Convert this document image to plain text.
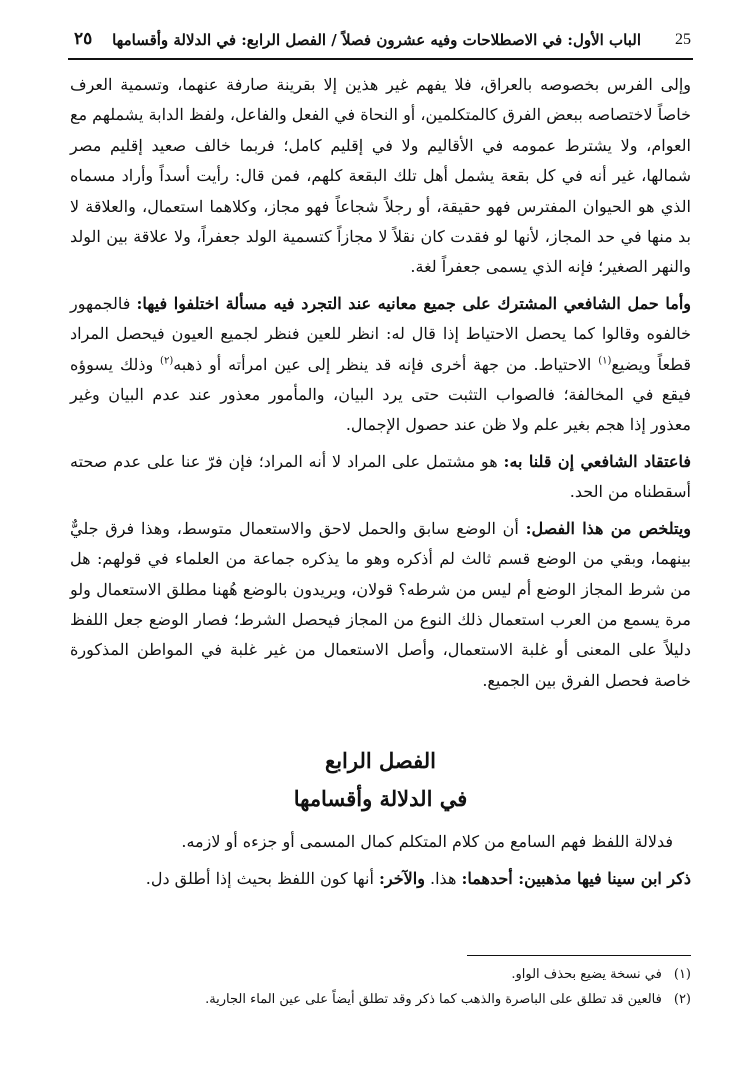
٢٥ الباب الأول: في الاصطلاحات وفيه عشرون فصلاً / الفصل الرابع: في الدلالة وأقسامها 25

وإلى الفرس بخصوصه بالعراق، فلا يفهم غير هذين إلا بقرينة صارفة عنهما، وتسمية العرف خاصاً لاختصاصه ببعض الفرق كالمتكلمين، أو النحاة في الفعل والفاعل، ولفظ الدابة يشملهم مع العوام، ولا يشترط عمومه في الأقاليم ولا في إقليم كامل؛ فربما خالف صعيد إقليم مصر شمالها، غير أنه في كل بقعة يشمل أهل تلك البقعة كلهم، فمن قال: رأيت أسداً وأراد مسماه الذي هو الحيوان المفترس فهو حقيقة، أو رجلاً شجاعاً فهو مجاز، وكلاهما استعمال، والعلاقة لا بد منها في حد المجاز، لأنها لو فقدت كان نقلاً لا مجازاً كتسمية الولد جعفراً، ولا علاقة بين الولد والنهر الصغير؛ فإنه الذي يسمى جعفراً لغة.

وأما حمل الشافعي المشترك على جميع معانيه عند التجرد فيه مسألة اختلفوا فيها: فالجمهور خالفوه وقالوا كما يحصل الاحتياط إذا قال له: انظر للعين فنظر لجميع العيون فيحصل المراد قطعاً ويضيع$^{(١)}$ الاحتياط. من جهة أخرى فإنه قد ينظر إلى عين امرأته أو ذهبه$^{(٢)}$ وذلك يسوؤه فيقع في المخالفة؛ فالصواب التثبت حتى يرد البيان، والمأمور معذور عند عدم البيان وغير معذور إذا هجم بغير علم ولا ظن عند حصول الإجمال.

فاعتقاد الشافعي إن قلنا به: هو مشتمل على المراد لا أنه المراد؛ فإن فرّ عنا على عدم صحته أسقطناه من الحد.

ويتلخص من هذا الفصل: أن الوضع سابق والحمل لاحق والاستعمال متوسط، وهذا فرق جليٌّ بينهما، وبقي من الوضع قسم ثالث لم أذكره وهو ما يذكره جماعة من العلماء في قولهم: هل من شرط المجاز الوضع أم ليس من شرطه؟ قولان، ويريدون بالوضع هُهنا مطلق الاستعمال ولو مرة يسمع من العرب استعمال ذلك النوع من المجاز فيحصل الشرط؛ فصار الوضع جعل اللفظ دليلاً على المعنى أو غلبة الاستعمال، وأصل الاستعمال من غير غلبة في المواطن المذكورة خاصة فحصل الفرق بين الجميع.

الفصل الرابع
في الدلالة وأقسامها

فدلالة اللفظ فهم السامع من كلام المتكلم كمال المسمى أو جزءه أو لازمه.

ذكر ابن سينا فيها مذهبين: أحدهما: هذا. والآخر: أنها كون اللفظ بحيث إذا أطلق دل.

(١)
في نسخة يضيع بحذف الواو.
(٢)
فالعين قد تطلق على الباصرة والذهب كما ذكر وقد تطلق أيضاً على عين الماء الجارية.
